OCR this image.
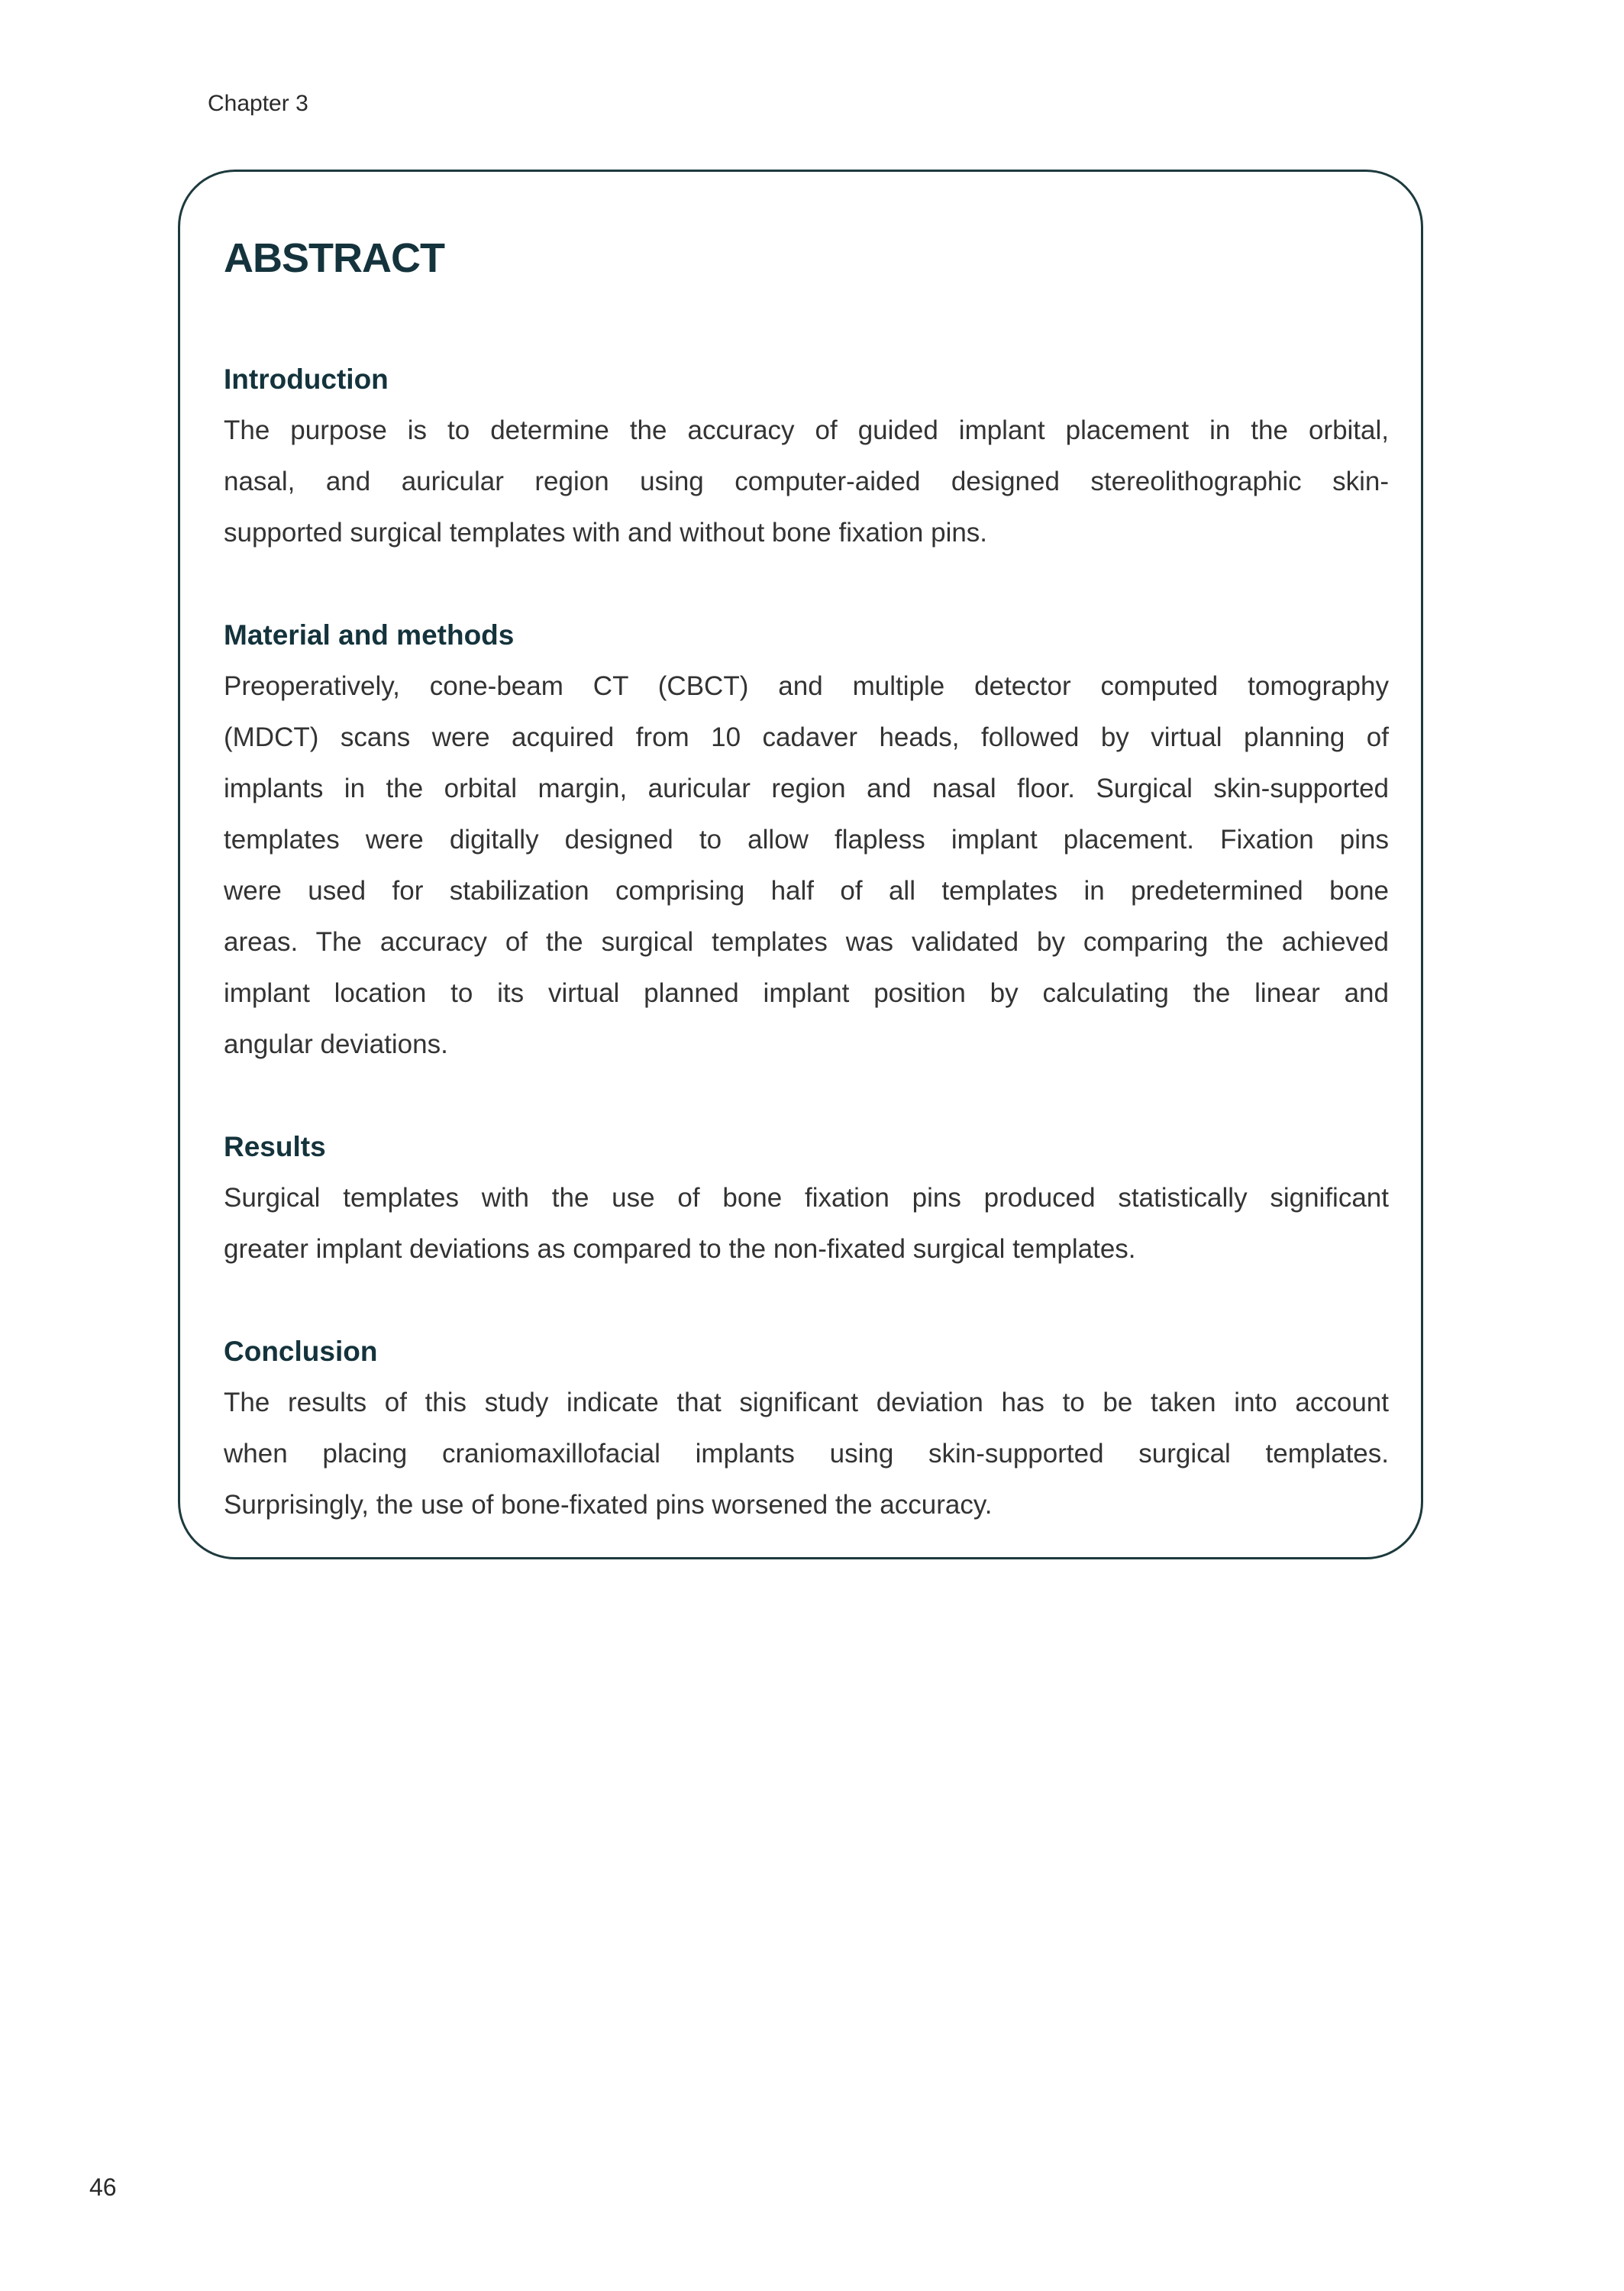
Chapter 3
ABSTRACT
Introduction
The purpose is to determine the accuracy of guided implant placement in the orbital,
nasal, and auricular region using computer-aided designed stereolithographic skin-
supported surgical templates with and without bone fixation pins.
Material and methods
Preoperatively, cone-beam CT (CBCT) and multiple detector computed tomography
(MDCT) scans were acquired from 10 cadaver heads, followed by virtual planning of
implants in the orbital margin, auricular region and nasal floor. Surgical skin-supported
templates were digitally designed to allow flapless implant placement. Fixation pins
were used for stabilization comprising half of all templates in predetermined bone
areas. The accuracy of the surgical templates was validated by comparing the achieved
implant location to its virtual planned implant position by calculating the linear and
angular deviations.
Results
Surgical templates with the use of bone fixation pins produced statistically significant
greater implant deviations as compared to the non-fixated surgical templates.
Conclusion
The results of this study indicate that significant deviation has to be taken into account
when placing craniomaxillofacial implants using skin-supported surgical templates.
Surprisingly, the use of bone-fixated pins worsened the accuracy.
46
